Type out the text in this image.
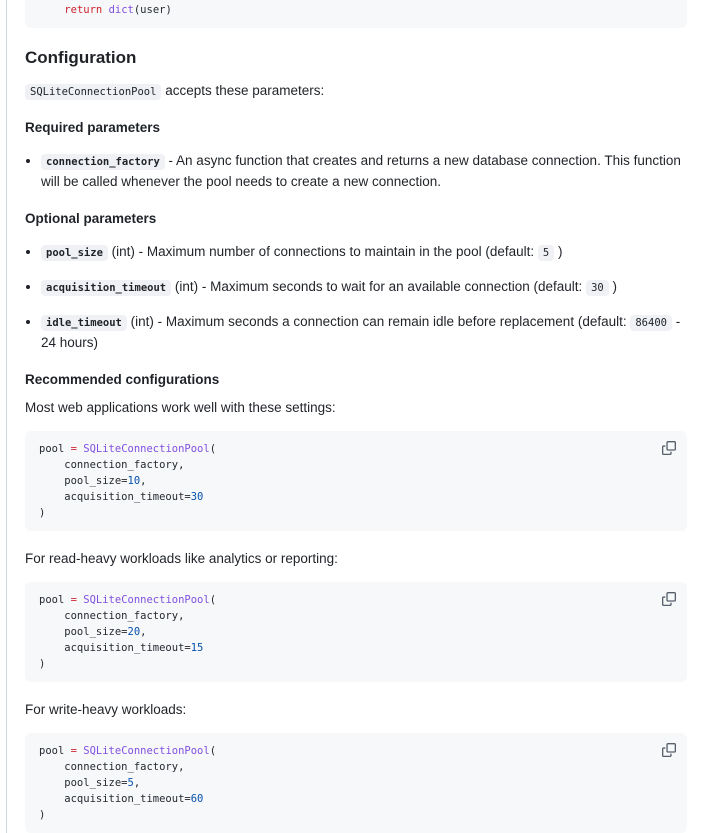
return dict(user)
Configuration

SQLiteConnectionPool accepts these parameters:

Required parameters
• connection_factory - An async function that creates and returns a new database connection. This function will be called whenever the pool needs to create a new connection.
Optional parameters
• pool_size (int) - Maximum number of connections to maintain in the pool (default: 5 )
• acquisition_timeout (int) - Maximum seconds to wait for an available connection (default: 30 )
• idle_timeout (int) - Maximum seconds a connection can remain idle before replacement (default: 86400 - 24 hours)
Recommended configurations

Most web applications work well with these settings:

pool = SQLiteConnectionPool(
connection_factory,
pool_size=10,
acquisition_timeout=30
)

For read-heavy workloads like analytics or reporting:

pool = SQLiteConnectionPool(
connection_factory,
pool_size=20,
acquisition_timeout=15
)

For write-heavy workloads:

pool = SQLiteConnectionPool(
connection_factory,
pool_size=5,
acquisition_timeout=60
)
